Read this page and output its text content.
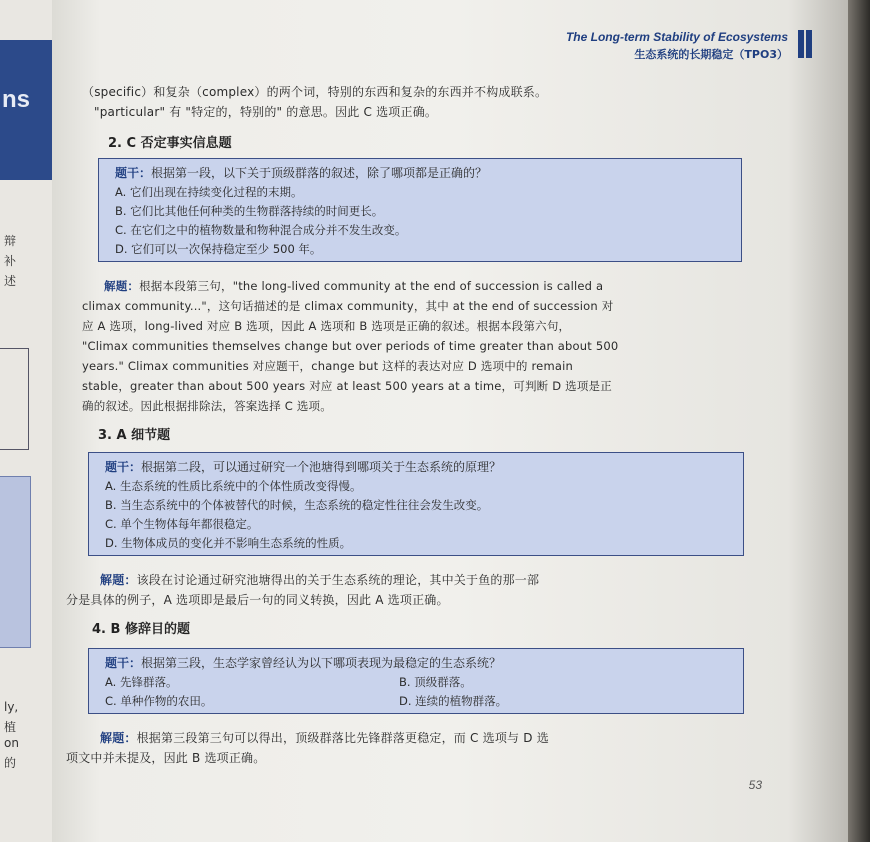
ns
辩
补
述
ly,
植
on
的
The Long-term Stability of Ecosystems
生态系统的长期稳定（TPO3）
（specific）和复杂（complex）的两个词，特别的东西和复杂的东西并不构成联系。
"particular" 有 "特定的，特别的" 的意思。因此 C 选项正确。
2. C 否定事实信息题
题干：根据第一段，以下关于顶级群落的叙述，除了哪项都是正确的？
A. 它们出现在持续变化过程的末期。
B. 它们比其他任何种类的生物群落持续的时间更长。
C. 在它们之中的植物数量和物种混合成分并不发生改变。
D. 它们可以一次保持稳定至少 500 年。
解题：根据本段第三句，"the long-lived community at the end of succession is called a
climax community..."，这句话描述的是 climax community，其中 at the end of succession 对
应 A 选项，long-lived 对应 B 选项，因此 A 选项和 B 选项是正确的叙述。根据本段第六句，
"Climax communities themselves change but over periods of time greater than about 500
years." Climax communities 对应题干，change but 这样的表达对应 D 选项中的 remain
stable，greater than about 500 years 对应 at least 500 years at a time，可判断 D 选项是正
确的叙述。因此根据排除法，答案选择 C 选项。
3. A 细节题
题干：根据第二段，可以通过研究一个池塘得到哪项关于生态系统的原理？
A. 生态系统的性质比系统中的个体性质改变得慢。
B. 当生态系统中的个体被替代的时候，生态系统的稳定性往往会发生改变。
C. 单个生物体每年都很稳定。
D. 生物体成员的变化并不影响生态系统的性质。
解题：该段在讨论通过研究池塘得出的关于生态系统的理论，其中关于鱼的那一部
分是具体的例子，A 选项即是最后一句的同义转换，因此 A 选项正确。
4. B 修辞目的题
题干：根据第三段，生态学家曾经认为以下哪项表现为最稳定的生态系统？
A. 先锋群落。	B. 顶级群落。
C. 单种作物的农田。	D. 连续的植物群落。
解题：根据第三段第三句可以得出，顶级群落比先锋群落更稳定，而 C 选项与 D 选
项文中并未提及，因此 B 选项正确。
53
